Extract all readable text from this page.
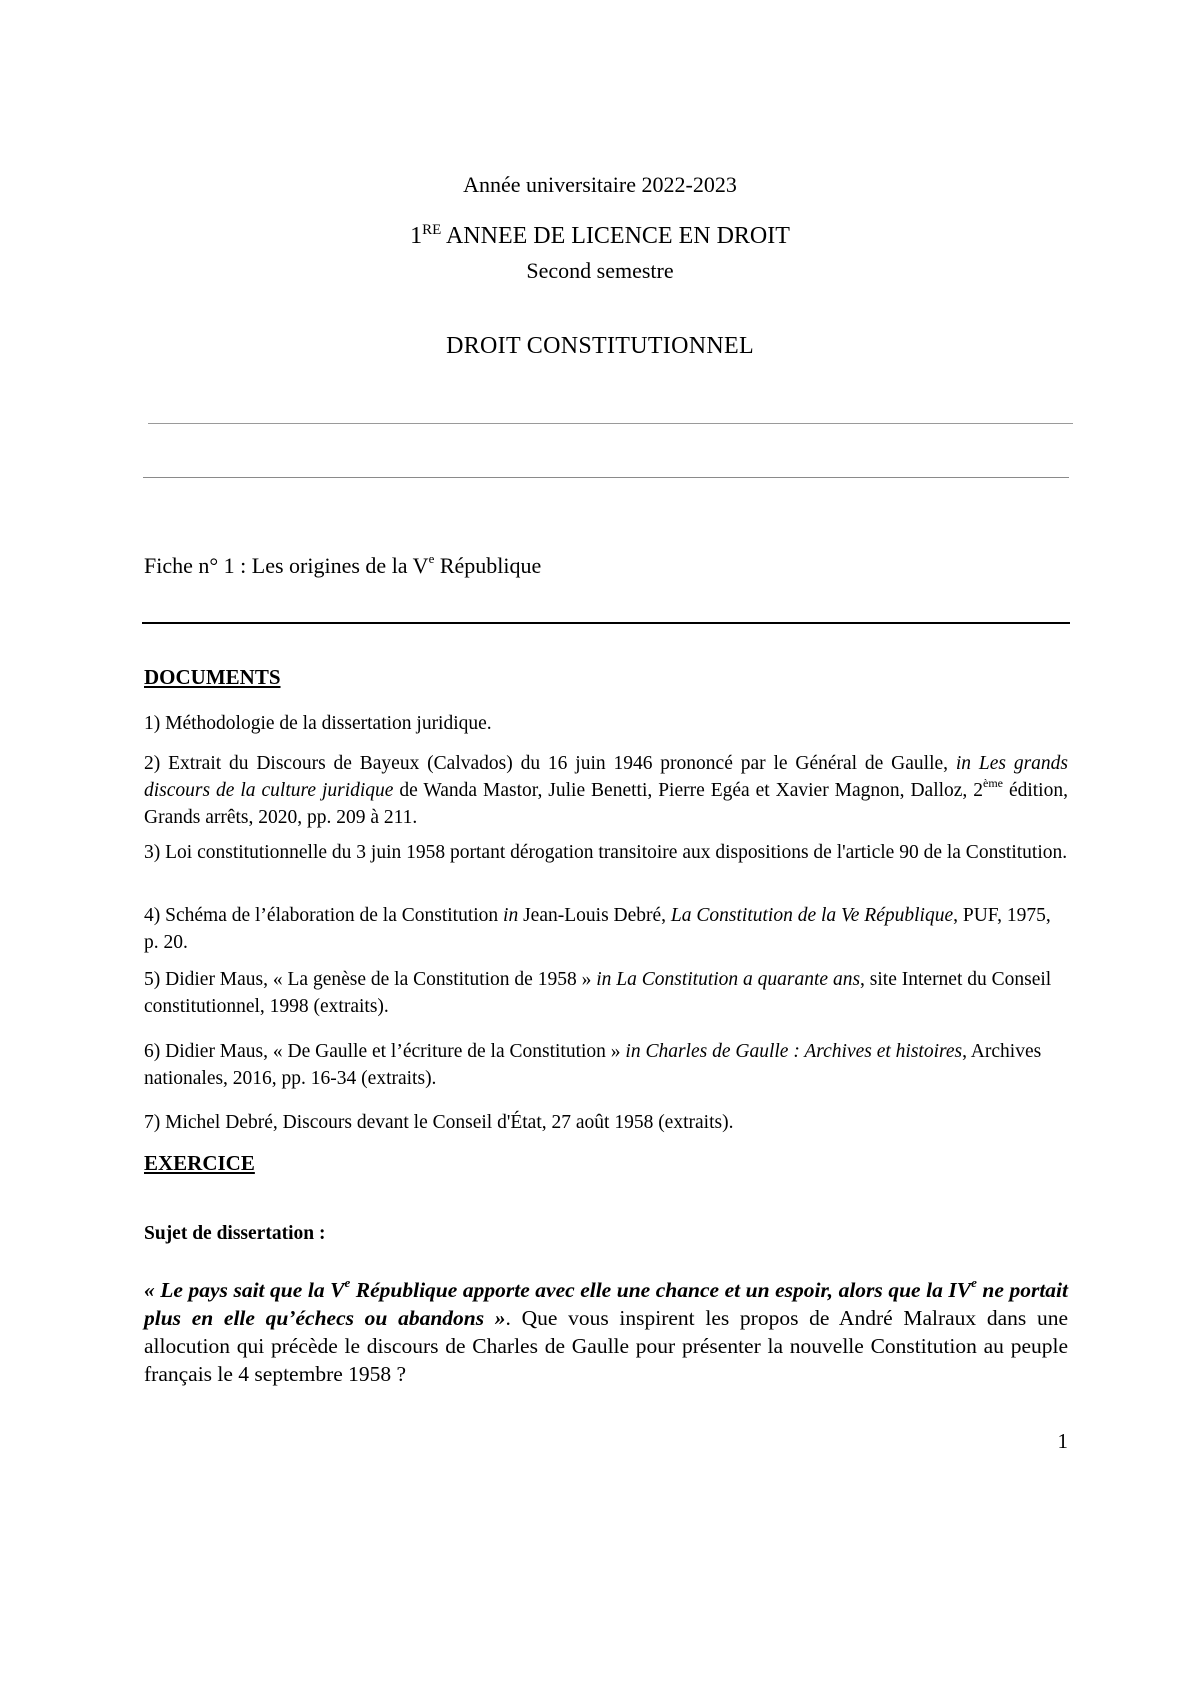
Année universitaire 2022-2023
1RE ANNEE DE LICENCE EN DROIT
Second semestre
DROIT CONSTITUTIONNEL
Fiche n° 1 : Les origines de la Ve République
DOCUMENTS
1) Méthodologie de la dissertation juridique.
2) Extrait du Discours de Bayeux (Calvados) du 16 juin 1946 prononcé par le Général de Gaulle, in Les grands discours de la culture juridique de Wanda Mastor, Julie Benetti, Pierre Egéa et Xavier Magnon, Dalloz, 2ème édition, Grands arrêts, 2020, pp. 209 à 211.
3) Loi constitutionnelle du 3 juin 1958 portant dérogation transitoire aux dispositions de l'article 90 de la Constitution.
4) Schéma de l’élaboration de la Constitution in Jean-Louis Debré, La Constitution de la Ve République, PUF, 1975, p. 20.
5) Didier Maus, « La genèse de la Constitution de 1958 » in La Constitution a quarante ans, site Internet du Conseil constitutionnel, 1998 (extraits).
6) Didier Maus, « De Gaulle et l’écriture de la Constitution » in Charles de Gaulle : Archives et histoires, Archives nationales, 2016, pp. 16-34 (extraits).
7) Michel Debré, Discours devant le Conseil d'État, 27 août 1958 (extraits).
EXERCICE
Sujet de dissertation :
« Le pays sait que la Ve République apporte avec elle une chance et un espoir, alors que la IVe ne portait plus en elle qu’échecs ou abandons ». Que vous inspirent les propos de André Malraux dans une allocution qui précède le discours de Charles de Gaulle pour présenter la nouvelle Constitution au peuple français le 4 septembre 1958 ?
1
